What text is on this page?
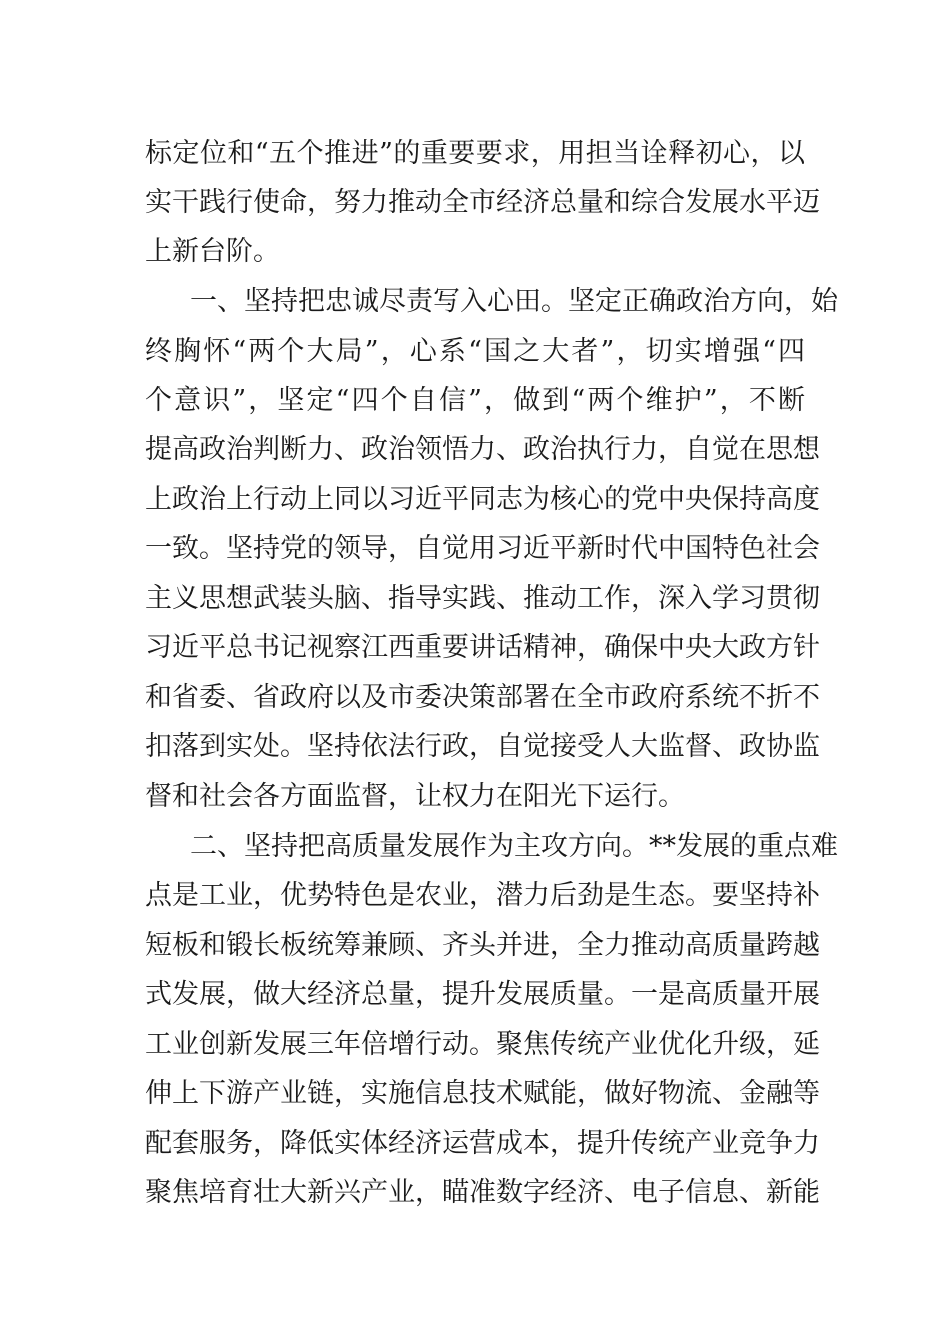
标定位和“五个推进”的重要要求，用担当诠释初心，以
实干践行使命，努力推动全市经济总量和综合发展水平迈
上新台阶。
一、坚持把忠诚尽责写入心田。坚定正确政治方向，始
终胸怀“两个大局”，心系“国之大者”，切实增强“四
个意识”，坚定“四个自信”，做到“两个维护”，不断
提高政治判断力、政治领悟力、政治执行力，自觉在思想
上政治上行动上同以习近平同志为核心的党中央保持高度
一致。坚持党的领导，自觉用习近平新时代中国特色社会
主义思想武装头脑、指导实践、推动工作，深入学习贯彻
习近平总书记视察江西重要讲话精神，确保中央大政方针
和省委、省政府以及市委决策部署在全市政府系统不折不
扣落到实处。坚持依法行政，自觉接受人大监督、政协监
督和社会各方面监督，让权力在阳光下运行。
二、坚持把高质量发展作为主攻方向。**发展的重点难
点是工业，优势特色是农业，潜力后劲是生态。要坚持补
短板和锻长板统筹兼顾、齐头并进，全力推动高质量跨越
式发展，做大经济总量，提升发展质量。一是高质量开展
工业创新发展三年倍增行动。聚焦传统产业优化升级，延
伸上下游产业链，实施信息技术赋能，做好物流、金融等
配套服务，降低实体经济运营成本，提升传统产业竞争力
聚焦培育壮大新兴产业，瞄准数字经济、电子信息、新能
